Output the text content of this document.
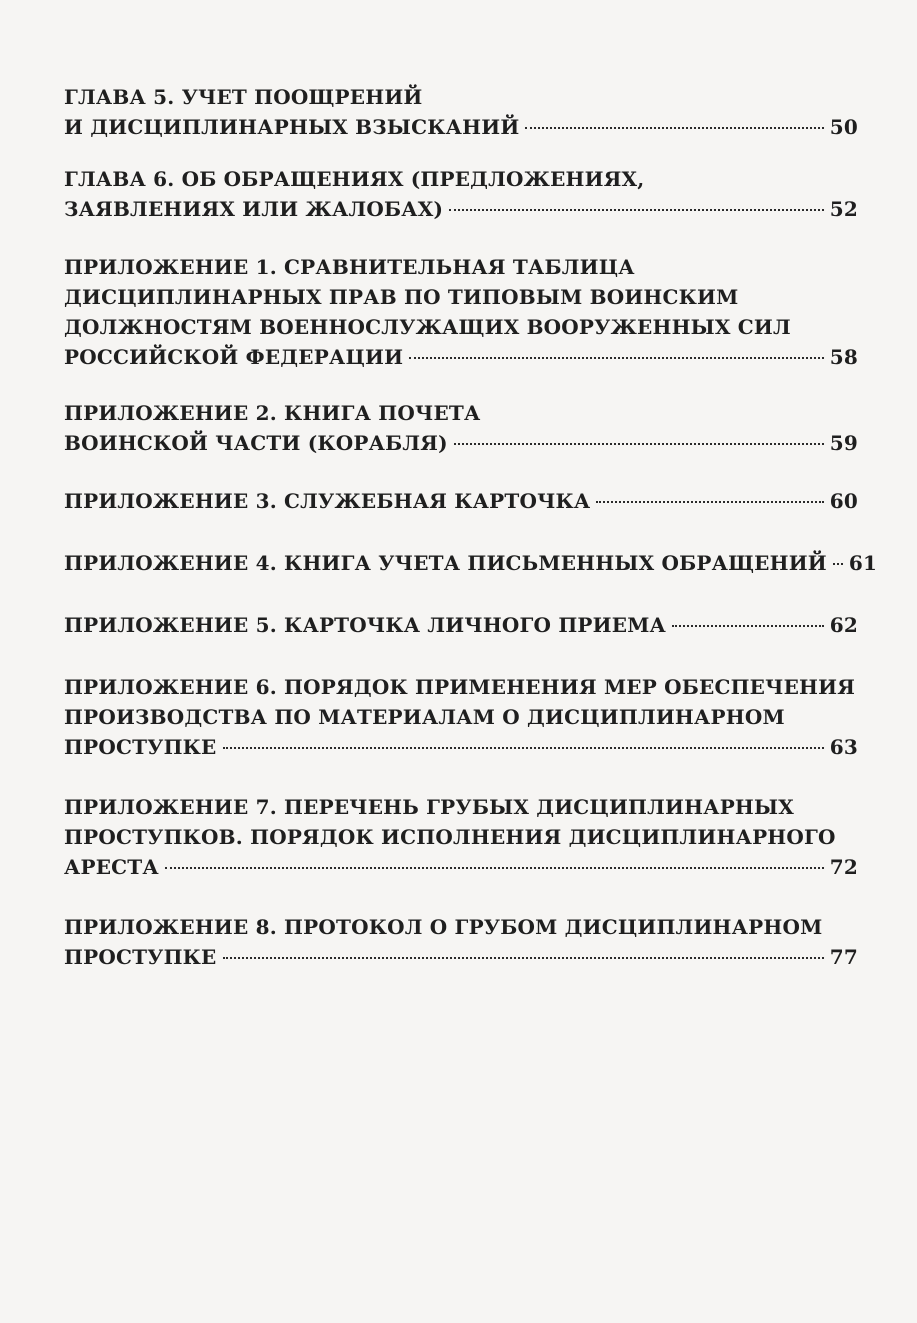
ГЛАВА 5. УЧЕТ ПООЩРЕНИЙ
И ДИСЦИПЛИНАРНЫХ ВЗЫСКАНИЙ	50
ГЛАВА 6. ОБ ОБРАЩЕНИЯХ (ПРЕДЛОЖЕНИЯХ,
ЗАЯВЛЕНИЯХ ИЛИ ЖАЛОБАХ)	52
ПРИЛОЖЕНИЕ 1. СРАВНИТЕЛЬНАЯ ТАБЛИЦА
ДИСЦИПЛИНАРНЫХ ПРАВ ПО ТИПОВЫМ ВОИНСКИМ
ДОЛЖНОСТЯМ ВОЕННОСЛУЖАЩИХ ВООРУЖЕННЫХ СИЛ
РОССИЙСКОЙ ФЕДЕРАЦИИ	58
ПРИЛОЖЕНИЕ 2. КНИГА ПОЧЕТА
ВОИНСКОЙ ЧАСТИ (КОРАБЛЯ)	59
ПРИЛОЖЕНИЕ 3. СЛУЖЕБНАЯ КАРТОЧКА	60
ПРИЛОЖЕНИЕ 4. КНИГА УЧЕТА ПИСЬМЕННЫХ ОБРАЩЕНИЙ 61
ПРИЛОЖЕНИЕ 5. КАРТОЧКА ЛИЧНОГО ПРИЕМА	62
ПРИЛОЖЕНИЕ 6. ПОРЯДОК ПРИМЕНЕНИЯ МЕР ОБЕСПЕЧЕНИЯ
ПРОИЗВОДСТВА ПО МАТЕРИАЛАМ О ДИСЦИПЛИНАРНОМ
ПРОСТУПКЕ	63
ПРИЛОЖЕНИЕ 7. ПЕРЕЧЕНЬ ГРУБЫХ ДИСЦИПЛИНАРНЫХ
ПРОСТУПКОВ. ПОРЯДОК ИСПОЛНЕНИЯ ДИСЦИПЛИНАРНОГО
АРЕСТА	72
ПРИЛОЖЕНИЕ 8. ПРОТОКОЛ О ГРУБОМ ДИСЦИПЛИНАРНОМ
ПРОСТУПКЕ	77
